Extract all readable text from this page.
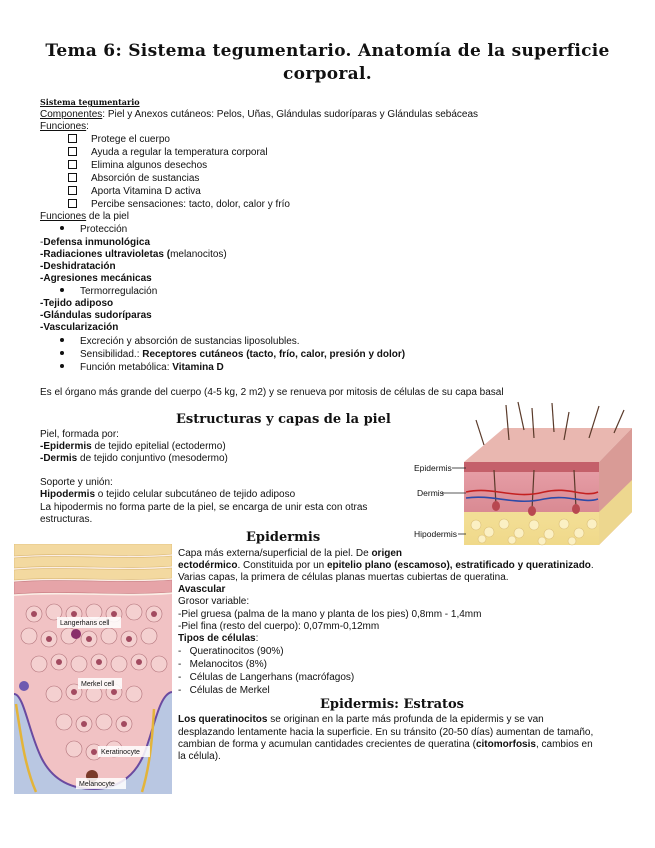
Tema 6: Sistema tegumentario. Anatomía de la superficie corporal.
Sistema tegumentario
Componentes: Piel y Anexos cutáneos: Pelos, Uñas, Glándulas sudoríparas y Glándulas sebáceas
Funciones:
Protege el cuerpo
Ayuda a regular la temperatura corporal
Elimina algunos desechos
Absorción de sustancias
Aporta Vitamina D activa
Percibe sensaciones: tacto, dolor, calor y frío
Funciones de la piel
Protección
-Defensa inmunológica
-Radiaciones ultravioletas (melanocitos)
-Deshidratación
-Agresiones mecánicas
Termorregulación
-Tejido adiposo
-Glándulas sudoríparas
-Vascularización
Excreción y absorción de sustancias liposolubles.
Sensibilidad.: Receptores cutáneos (tacto, frío, calor, presión y dolor)
Función metabólica: Vitamina D
Es el órgano más grande del cuerpo (4-5 kg, 2 m2) y se renueva por mitosis de células de su capa basal
Estructuras y capas de la piel
Piel, formada por:
-Epidermis de tejido epitelial (ectodermo)
-Dermis de tejido conjuntivo (mesodermo)
Soporte y unión:
Hipodermis o tejido celular subcutáneo de tejido adiposo
La hipodermis no forma parte de la piel, se encarga de unir esta con otras
estructuras.
Epidermis
Dermis
Hipodermis
Langerhans cell
Merkel cell
Keratinocyte
Melanocyte
Epidermis
Capa más externa/superficial de la piel. De origen
ectodérmico. Constituida por un epitelio plano (escamoso), estratificado y queratinizado.
Varias capas, la primera de células planas muertas cubiertas de queratina.
Avascular
Grosor variable:
-Piel gruesa (palma de la mano y planta de los pies) 0,8mm - 1,4mm
-Piel fina (resto del cuerpo): 0,07mm-0,12mm
Tipos de células:
-   Queratinocitos (90%)
-   Melanocitos (8%)
-   Células de Langerhans (macrófagos)
-   Células de Merkel
Epidermis: Estratos
Los queratinocitos se originan en la parte más profunda de la epidermis y se van
desplazando lentamente hacia la superficie. En su tránsito (20-50 días) aumentan de tamaño,
cambian de forma y acumulan cantidades crecientes de queratina (citomorfosis, cambios en
la célula).
